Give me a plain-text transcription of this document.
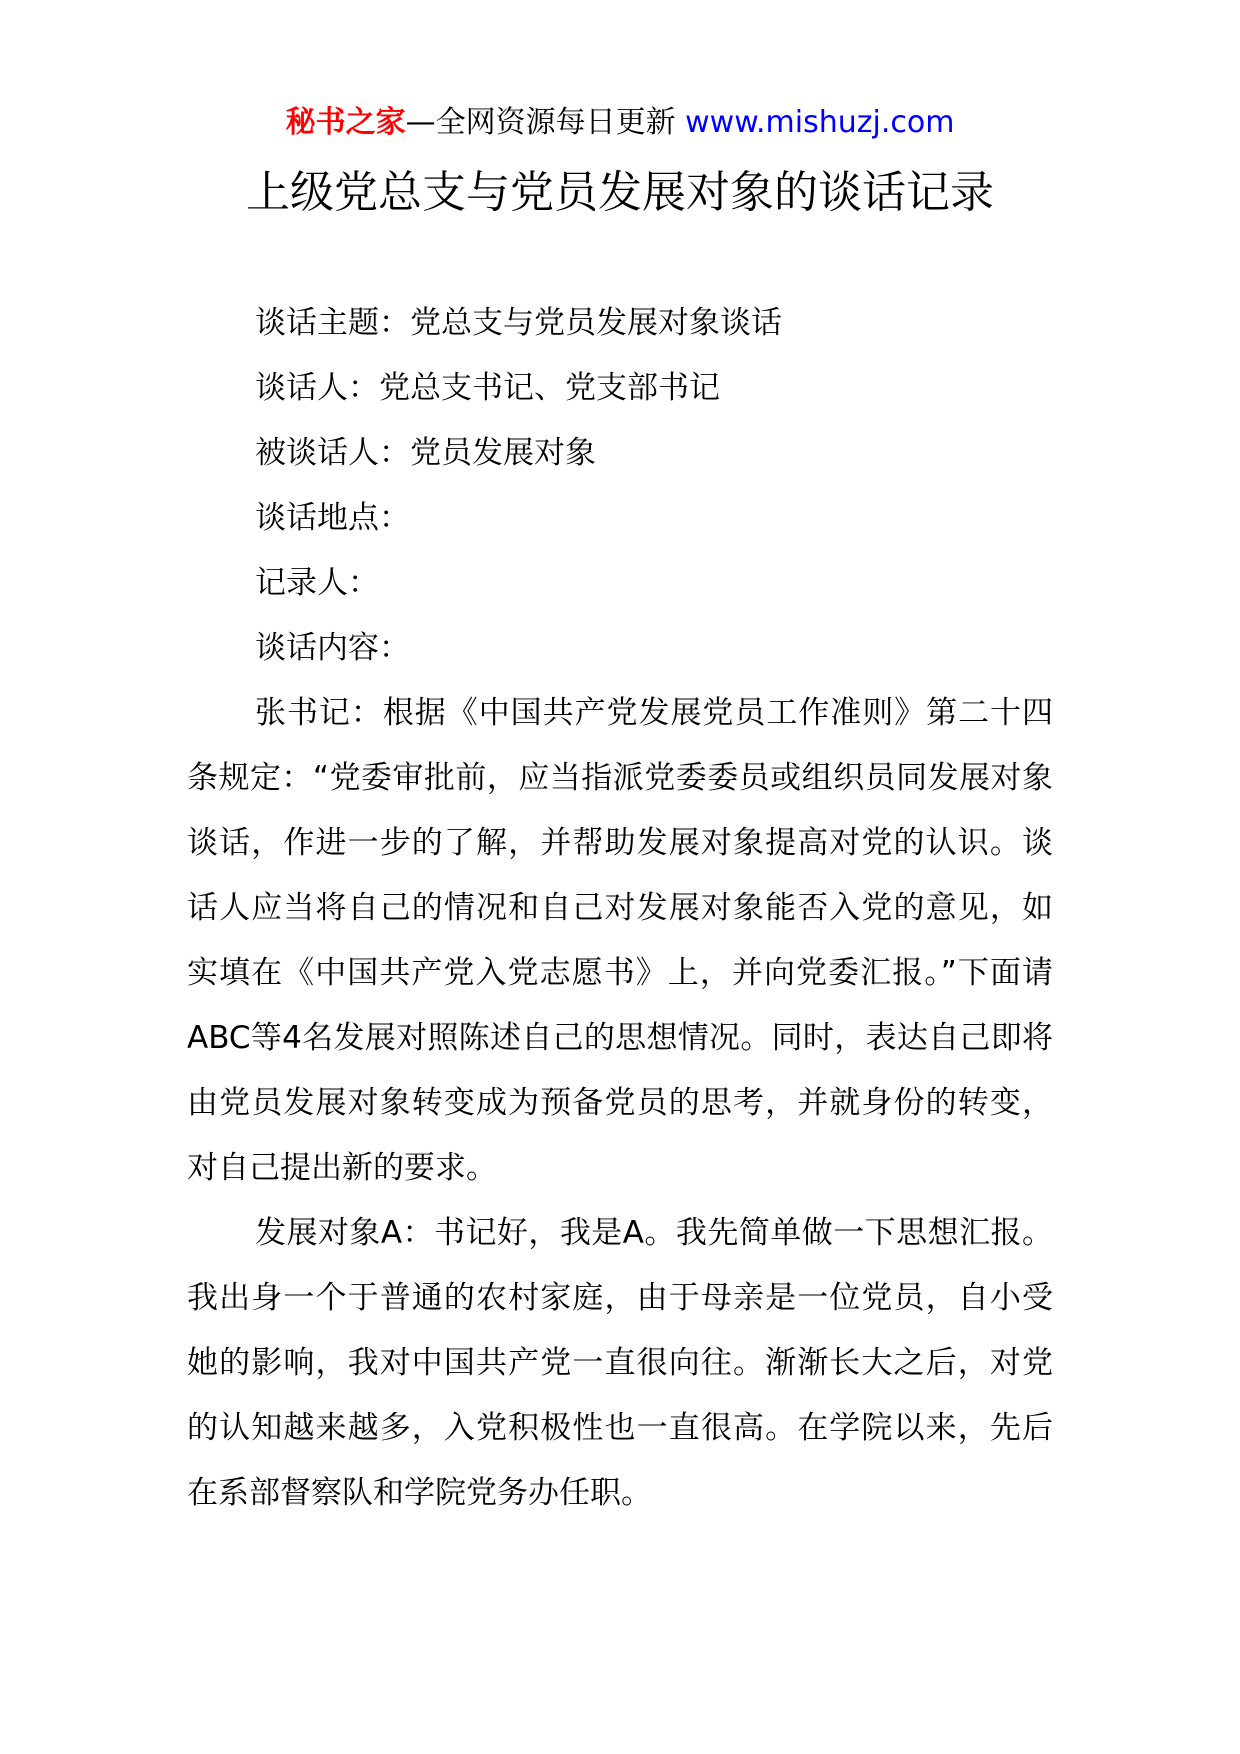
秘书之家—全网资源每日更新 www.mishuzj.com
上级党总支与党员发展对象的谈话记录

谈话主题：党总支与党员发展对象谈话

谈话人：党总支书记、党支部书记

被谈话人：党员发展对象

谈话地点：

记录人：

谈话内容：

张书记：根据《中国共产党发展党员工作准则》第二十四条规定：“党委审批前，应当指派党委委员或组织员同发展对象谈话，作进一步的了解，并帮助发展对象提高对党的认识。谈话人应当将自己的情况和自己对发展对象能否入党的意见，如实填在《中国共产党入党志愿书》上，并向党委汇报。”下面请ABC等4名发展对照陈述自己的思想情况。同时，表达自己即将由党员发展对象转变成为预备党员的思考，并就身份的转变，对自己提出新的要求。

发展对象A：书记好，我是A。我先简单做一下思想汇报。我出身一个于普通的农村家庭，由于母亲是一位党员，自小受她的影响，我对中国共产党一直很向往。渐渐长大之后，对党的认知越来越多，入党积极性也一直很高。在学院以来，先后在系部督察队和学院党务办任职。
